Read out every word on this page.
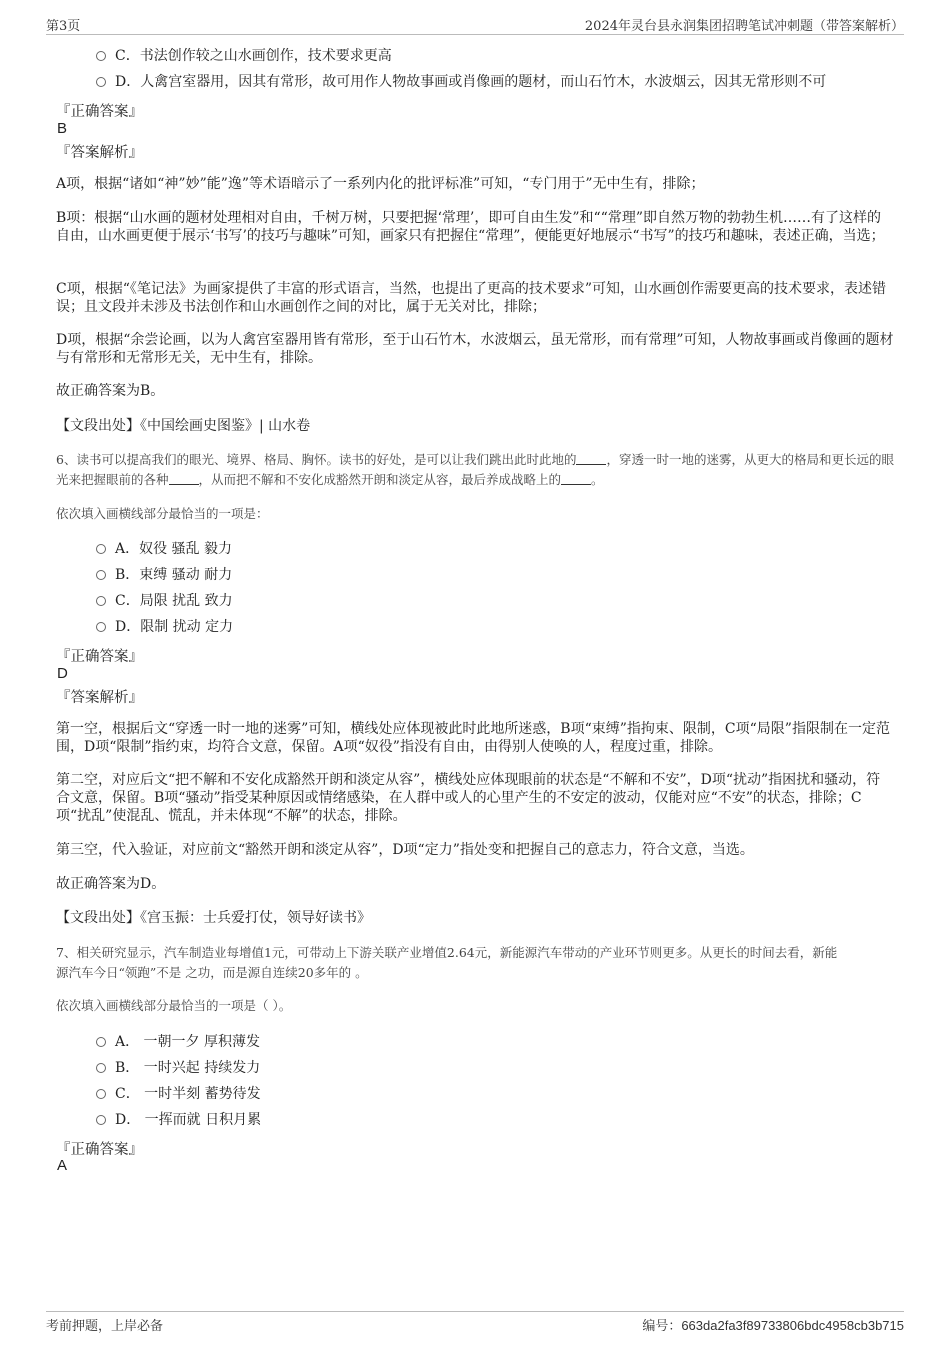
第3页	2024年灵台县永润集团招聘笔试冲刺题（带答案解析）
C．书法创作较之山水画创作，技术要求更高
D．人禽宫室器用，因其有常形，故可用作人物故事画或肖像画的题材，而山石竹木，水波烟云，因其无常形则不可
『正确答案』
B
『答案解析』
A项，根据“诸如“神”妙”能”逸”等术语暗示了一系列内化的批评标准”可知，“专门用于”无中生有，排除；
B项：根据“山水画的题材处理相对自由，千树万树，只要把握‘常理’，即可自由生发”和““常理”即自然万物的勃勃生机……有了这样的自由，山水画更便于展示‘书写’的技巧与趣味”可知，画家只有把握住“常理”，便能更好地展示“书写”的技巧和趣味，表述正确，当选；
C项，根据“《笔记法》为画家提供了丰富的形式语言，当然，也提出了更高的技术要求”可知，山水画创作需要更高的技术要求，表述错误；且文段并未涉及书法创作和山水画创作之间的对比，属于无关对比，排除；
D项，根据“余尝论画，以为人禽宫室器用皆有常形，至于山石竹木，水波烟云，虽无常形，而有常理”可知，人物故事画或肖像画的题材与有常形和无常形无关，无中生有，排除。
故正确答案为B。
【文段出处】《中国绘画史图鉴》| 山水卷
6、读书可以提高我们的眼光、境界、格局、胸怀。读书的好处，是可以让我们跳出此时此地的 ，穿透一时一地的迷雾，从更大的格局和更长远的眼光来把握眼前的各种 ，从而把不解和不安化成豁然开朗和淡定从容，最后养成战略上的 。
依次填入画横线部分最恰当的一项是：
A．奴役 骚乱 毅力
B．束缚 骚动 耐力
C．局限 扰乱 致力
D．限制 扰动 定力
『正确答案』
D
『答案解析』
第一空，根据后文“穿透一时一地的迷雾”可知，横线处应体现被此时此地所迷惑，B项“束缚”指拘束、限制，C项“局限”指限制在一定范围，D项“限制”指约束，均符合文意，保留。A项“奴役”指没有自由，由得别人使唤的人，程度过重，排除。
第二空，对应后文“把不解和不安化成豁然开朗和淡定从容”，横线处应体现眼前的状态是“不解和不安”，D项“扰动”指困扰和骚动，符合文意，保留。B项“骚动”指受某种原因或情绪感染，在人群中或人的心里产生的不安定的波动，仅能对应“不安”的状态，排除；C项“扰乱”使混乱、慌乱，并未体现“不解”的状态，排除。
第三空，代入验证，对应前文“豁然开朗和淡定从容”，D项“定力”指处变和把握自己的意志力，符合文意，当选。
故正确答案为D。
【文段出处】《宫玉振：士兵爱打仗，领导好读书》
7、相关研究显示，汽车制造业每增值1元，可带动上下游关联产业增值2.64元，新能源汽车带动的产业环节则更多。从更长的时间去看，新能
源汽车今日“领跑”不是 之功，而是源自连续20多年的 。
依次填入画横线部分最恰当的一项是（ ）。
A． 一朝一夕 厚积薄发
B． 一时兴起 持续发力
C． 一时半刻 蓄势待发
D． 一挥而就 日积月累
『正确答案』
A
考前押题，上岸必备	编号：663da2fa3f89733806bdc4958cb3b715
